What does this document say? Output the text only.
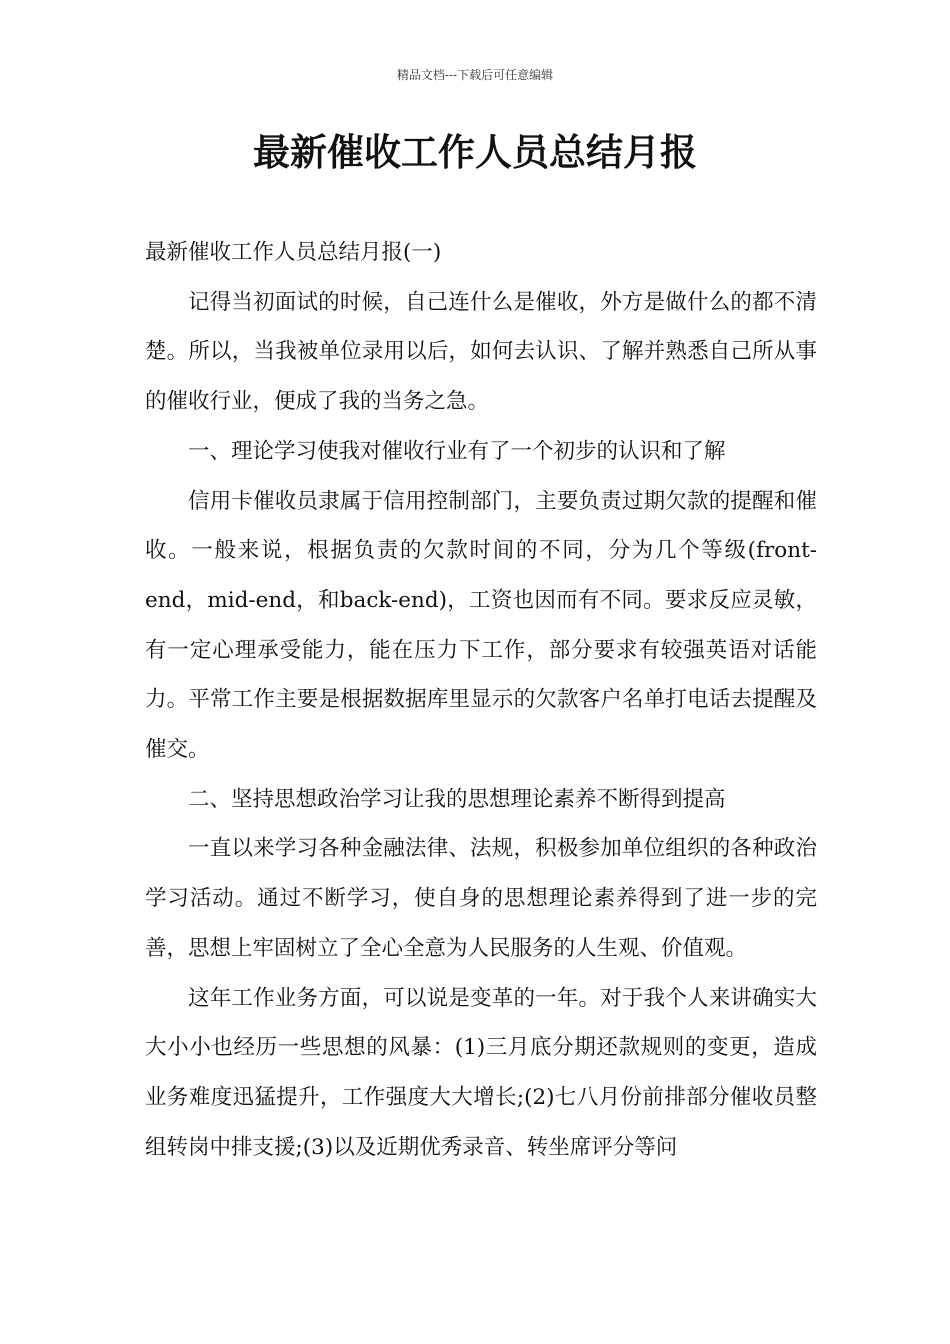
精品文档---下载后可任意编辑
最新催收工作人员总结月报

最新催收工作人员总结月报(一)

记得当初面试的时候，自己连什么是催收，外方是做什么的都不清楚。所以，当我被单位录用以后，如何去认识、了解并熟悉自己所从事的催收行业，便成了我的当务之急。

一、理论学习使我对催收行业有了一个初步的认识和了解

信用卡催收员隶属于信用控制部门，主要负责过期欠款的提醒和催收。一般来说，根据负责的欠款时间的不同，分为几个等级(front-end，mid-end，和back-end)，工资也因而有不同。要求反应灵敏，有一定心理承受能力，能在压力下工作，部分要求有较强英语对话能力。平常工作主要是根据数据库里显示的欠款客户名单打电话去提醒及催交。

二、坚持思想政治学习让我的思想理论素养不断得到提高

一直以来学习各种金融法律、法规，积极参加单位组织的各种政治学习活动。通过不断学习，使自身的思想理论素养得到了进一步的完善，思想上牢固树立了全心全意为人民服务的人生观、价值观。

这年工作业务方面，可以说是变革的一年。对于我个人来讲确实大大小小也经历一些思想的风暴：(1)三月底分期还款规则的变更，造成业务难度迅猛提升，工作强度大大增长;(2)七八月份前排部分催收员整组转岗中排支援;(3)以及近期优秀录音、转坐席评分等问
